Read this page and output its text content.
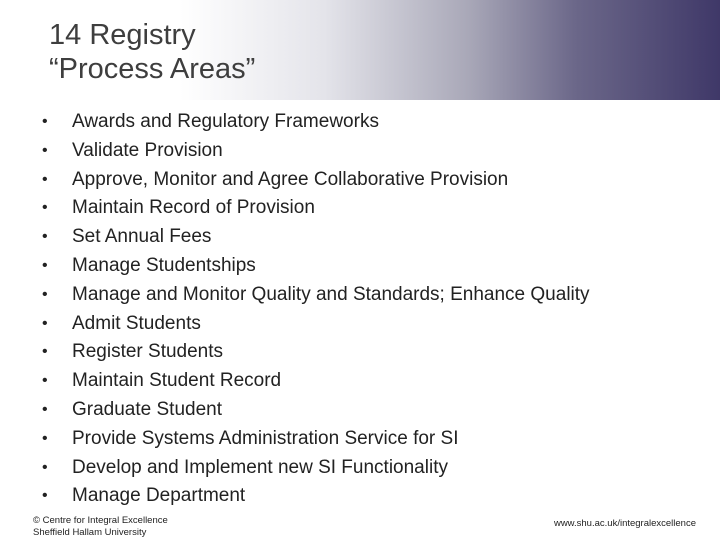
14 Registry
“Process Areas”
• Awards and Regulatory Frameworks
• Validate Provision
• Approve, Monitor and Agree Collaborative Provision
• Maintain Record of Provision
• Set Annual Fees
• Manage Studentships
• Manage and Monitor Quality and Standards; Enhance Quality
• Admit Students
• Register Students
• Maintain Student Record
• Graduate Student
• Provide Systems Administration Service for SI
• Develop and Implement new SI Functionality
• Manage Department
© Centre for Integral Excellence
Sheffield Hallam University
www.shu.ac.uk/integralexcellence
